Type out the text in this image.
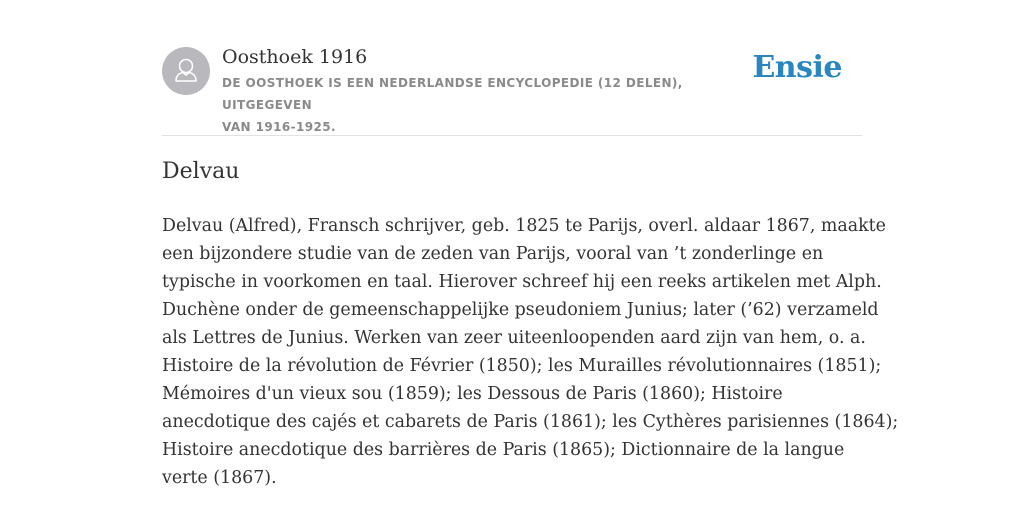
Oosthoek 1916
DE OOSTHOEK IS EEN NEDERLANDSE ENCYCLOPEDIE (12 DELEN), UITGEGEVEN
VAN 1916-1925.
Ensie
Delvau
Delvau (Alfred), Fransch schrijver, geb. 1825 te Parijs, overl. aldaar 1867, maakte
een bijzondere studie van de zeden van Parijs, vooral van ’t zonderlinge en
typische in voorkomen en taal. Hierover schreef hij een reeks artikelen met Alph.
Duchène onder de gemeenschappelijke pseudoniem Junius; later (’62) verzameld
als Lettres de Junius. Werken van zeer uiteenloopenden aard zijn van hem, o. a.
Histoire de la révolution de Février (1850); les Murailles révolutionnaires (1851);
Mémoires d'un vieux sou (1859); les Dessous de Paris (1860); Histoire
anecdotique des cajés et cabarets de Paris (1861); les Cythères parisiennes (1864);
Histoire anecdotique des barrières de Paris (1865); Dictionnaire de la langue
verte (1867).
